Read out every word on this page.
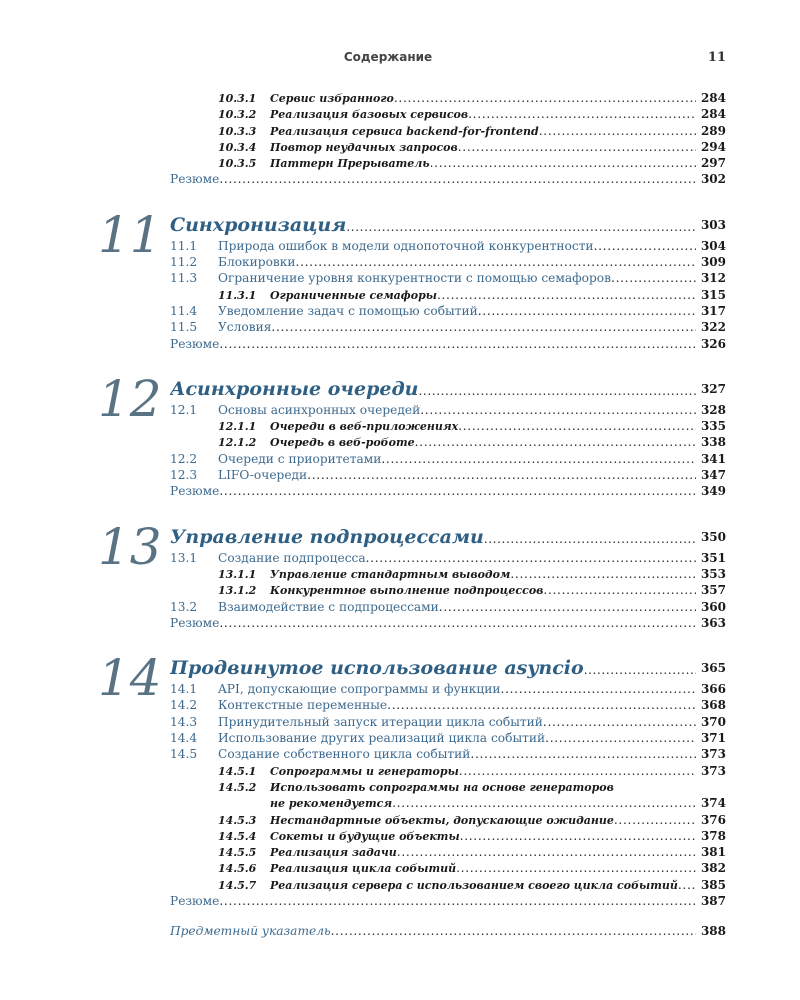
Содержание	11
10.3.1 Сервис избранного . . .	284
10.3.2 Реализация базовых сервисов . . .	284
10.3.3 Реализация сервиса backend-for-frontend . . .	289
10.3.4 Повтор неудачных запросов . . .	294
10.3.5 Паттерн Прерыватель . . .	297
Резюме . . .	302
11 Синхронизация . . .	303
11.1 Природа ошибок в модели однопоточной конкурентности . . .	304
11.2 Блокировки . . .	309
11.3 Ограничение уровня конкурентности с помощью семафоров . . .	312
11.3.1 Ограниченные семафоры . . .	315
11.4 Уведомление задач с помощью событий . . .	317
11.5 Условия . . .	322
Резюме . . .	326
12 Асинхронные очереди . . .	327
12.1 Основы асинхронных очередей . . .	328
12.1.1 Очереди в веб-приложениях . . .	335
12.1.2 Очередь в веб-роботе . . .	338
12.2 Очереди с приоритетами . . .	341
12.3 LIFO-очереди . . .	347
Резюме . . .	349
13 Управление подпроцессами . . .	350
13.1 Создание подпроцесса . . .	351
13.1.1 Управление стандартным выводом . . .	353
13.1.2 Конкурентное выполнение подпроцессов . . .	357
13.2 Взаимодействие с подпроцессами . . .	360
Резюме . . .	363
14 Продвинутое использование asyncio . . .	365
14.1 API, допускающие сопрограммы и функции . . .	366
14.2 Контекстные переменные . . .	368
14.3 Принудительный запуск итерации цикла событий . . .	370
14.4 Использование других реализаций цикла событий . . .	371
14.5 Создание собственного цикла событий . . .	373
14.5.1 Сопрограммы и генераторы . . .	373
14.5.2 Использовать сопрограммы на основе генераторов
не рекомендуется . . .	374
14.5.3 Нестандартные объекты, допускающие ожидание . . .	376
14.5.4 Сокеты и будущие объекты . . .	378
14.5.5 Реализация задачи . . .	381
14.5.6 Реализация цикла событий . . .	382
14.5.7 Реализация сервера с использованием своего цикла событий . . .	385
Резюме . . .	387
Предметный указатель . . .	388
